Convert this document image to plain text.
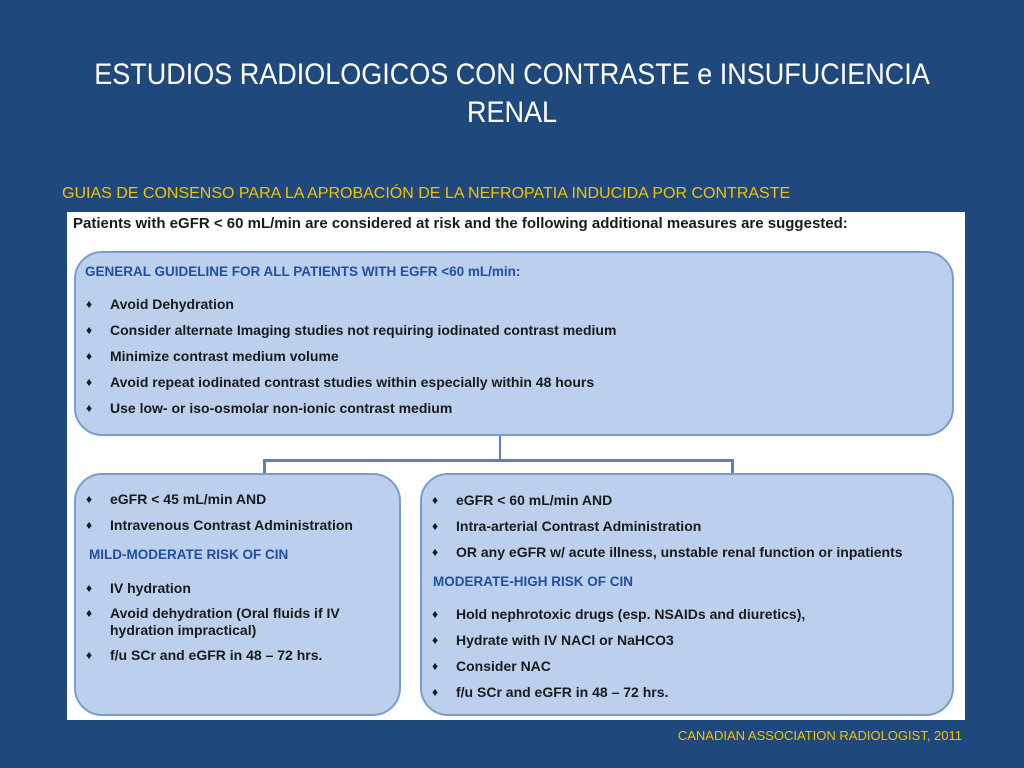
ESTUDIOS RADIOLOGICOS CON CONTRASTE e INSUFUCIENCIA RENAL
GUIAS DE CONSENSO PARA LA APROBACIÓN DE LA NEFROPATIA INDUCIDA POR CONTRASTE
Patients with eGFR < 60 mL/min are considered at risk and the following additional measures are suggested:
GENERAL GUIDELINE FOR ALL PATIENTS WITH EGFR <60 mL/min:
♦ Avoid Dehydration
♦ Consider alternate Imaging studies not requiring iodinated contrast medium
♦ Minimize contrast medium volume
♦ Avoid repeat iodinated contrast studies within especially within 48 hours
♦ Use low- or iso-osmolar non-ionic contrast medium
♦ eGFR < 45 mL/min AND
♦ Intravenous Contrast Administration
MILD-MODERATE RISK OF CIN
♦ IV hydration
♦ Avoid dehydration (Oral fluids if IV hydration impractical)
♦ f/u SCr and eGFR in 48 – 72 hrs.
♦ eGFR < 60 mL/min AND
♦ Intra-arterial Contrast Administration
♦ OR any eGFR w/ acute illness, unstable renal function or inpatients
MODERATE-HIGH RISK OF CIN
♦ Hold nephrotoxic drugs (esp. NSAIDs and diuretics),
♦ Hydrate with IV NACl or NaHCO3
♦ Consider NAC
♦ f/u SCr and eGFR in 48 – 72 hrs.
CANADIAN ASSOCIATION RADIOLOGIST, 2011
